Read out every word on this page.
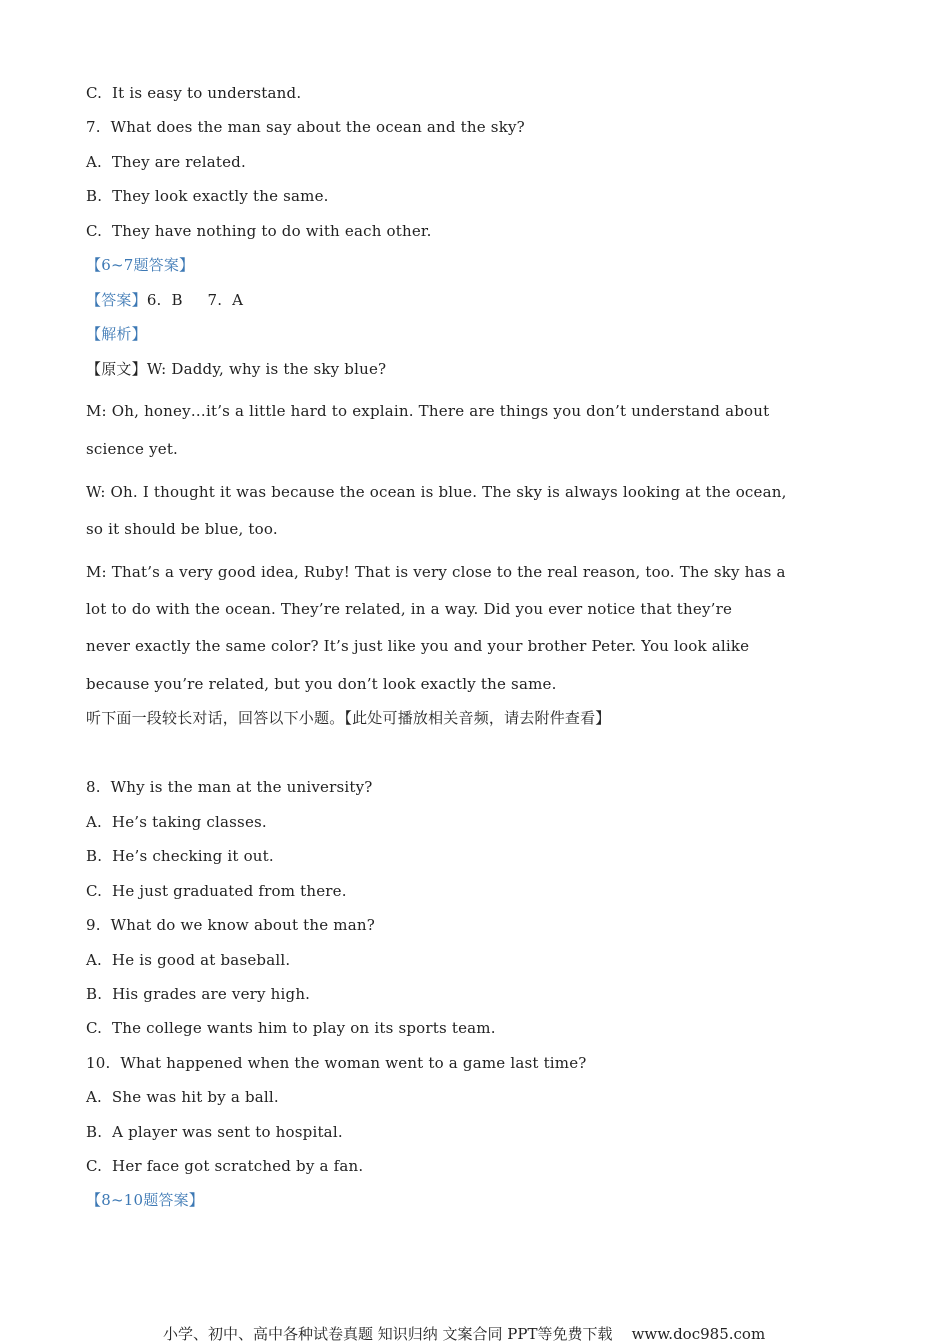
C.  It is easy to understand.
7.  What does the man say about the ocean and the sky?
A.  They are related.
B.  They look exactly the same.
C.  They have nothing to do with each other.
【6~7题答案】
【答案】6.  B     7.  A
【解析】
【原文】W: Daddy, why is the sky blue?
M: Oh, honey…it’s a little hard to explain. There are things you don’t understand about
science yet.
W: Oh. I thought it was because the ocean is blue. The sky is always looking at the ocean,
so it should be blue, too.
M: That’s a very good idea, Ruby! That is very close to the real reason, too. The sky has a
lot to do with the ocean. They’re related, in a way. Did you ever notice that they’re
never exactly the same color? It’s just like you and your brother Peter. You look alike
because you’re related, but you don’t look exactly the same.
听下面一段较长对话，回答以下小题。【此处可播放相关音频，请去附件查看】
8.  Why is the man at the university?
A.  He’s taking classes.
B.  He’s checking it out.
C.  He just graduated from there.
9.  What do we know about the man?
A.  He is good at baseball.
B.  His grades are very high.
C.  The college wants him to play on its sports team.
10.  What happened when the woman went to a game last time?
A.  She was hit by a ball.
B.  A player was sent to hospital.
C.  Her face got scratched by a fan.
【8~10题答案】
小学、初中、高中各种试卷真题 知识归纳 文案合同 PPT等免费下载    www.doc985.com
